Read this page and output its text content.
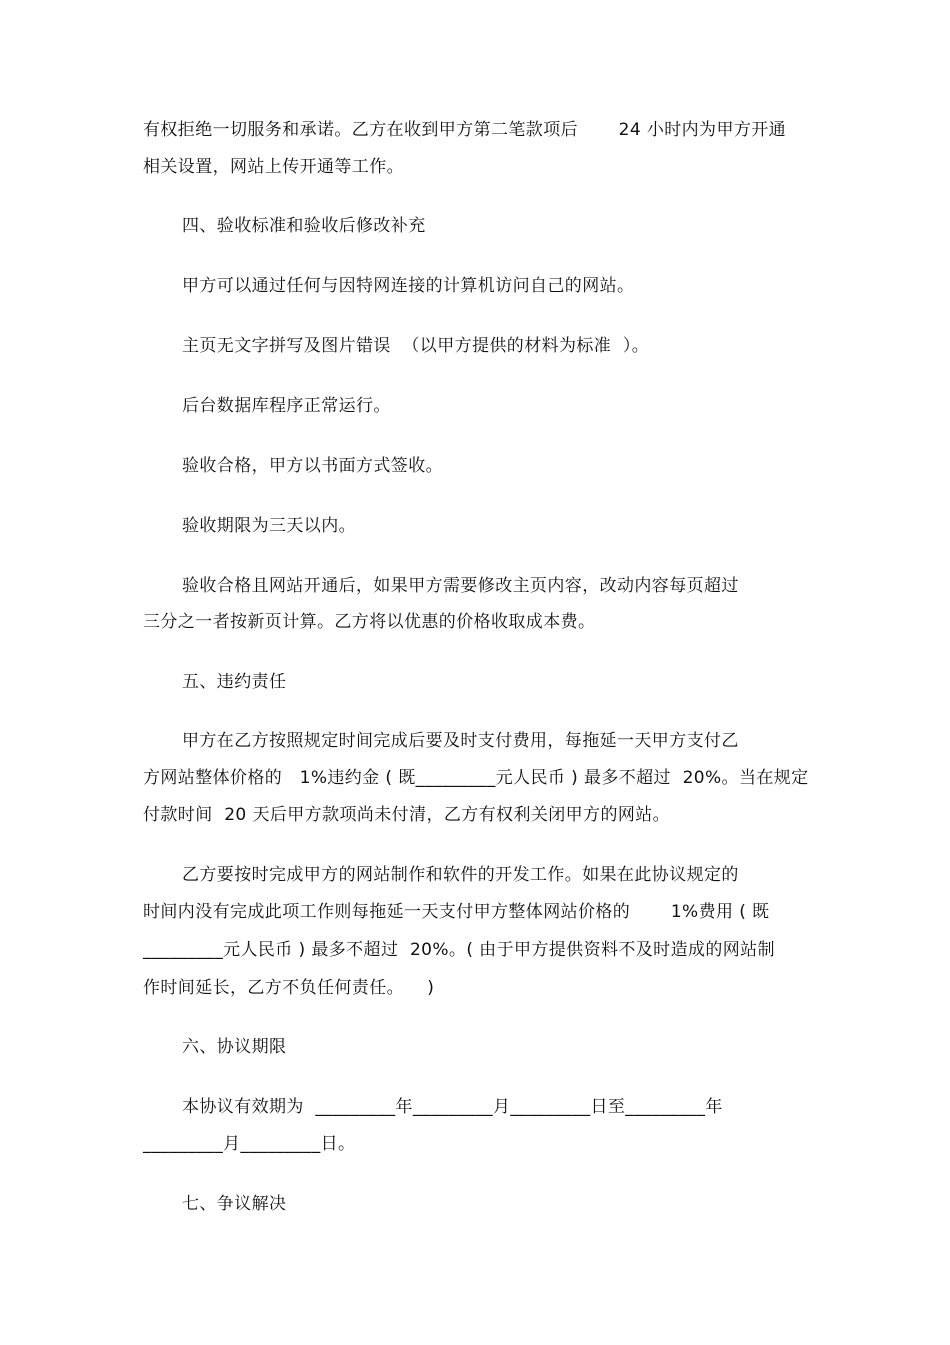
有权拒绝一切服务和承诺。乙方在收到甲方第二笔款项后       24 小时内为甲方开通
相关设置，网站上传开通等工作。
四、验收标准和验收后修改补充
甲方可以通过任何与因特网连接的计算机访问自己的网站。
主页无文字拼写及图片错误  （以甲方提供的材料为标准  ）。
后台数据库程序正常运行。
验收合格，甲方以书面方式签收。
验收期限为三天以内。
验收合格且网站开通后，如果甲方需要修改主页内容，改动内容每页超过
三分之一者按新页计算。乙方将以优惠的价格收取成本费。
五、违约责任
甲方在乙方按照规定时间完成后要及时支付费用，每拖延一天甲方支付乙
方网站整体价格的   1%违约金 ( 既_________元人民币 ) 最多不超过  20%。当在规定
付款时间  20 天后甲方款项尚未付清，乙方有权利关闭甲方的网站。
乙方要按时完成甲方的网站制作和软件的开发工作。如果在此协议规定的
时间内没有完成此项工作则每拖延一天支付甲方整体网站价格的       1%费用 ( 既
_________元人民币 ) 最多不超过  20%。( 由于甲方提供资料不及时造成的网站制
作时间延长，乙方不负任何责任。    )
六、协议期限
本协议有效期为  _________年_________月_________日至_________年
_________月_________日。
七、争议解决
